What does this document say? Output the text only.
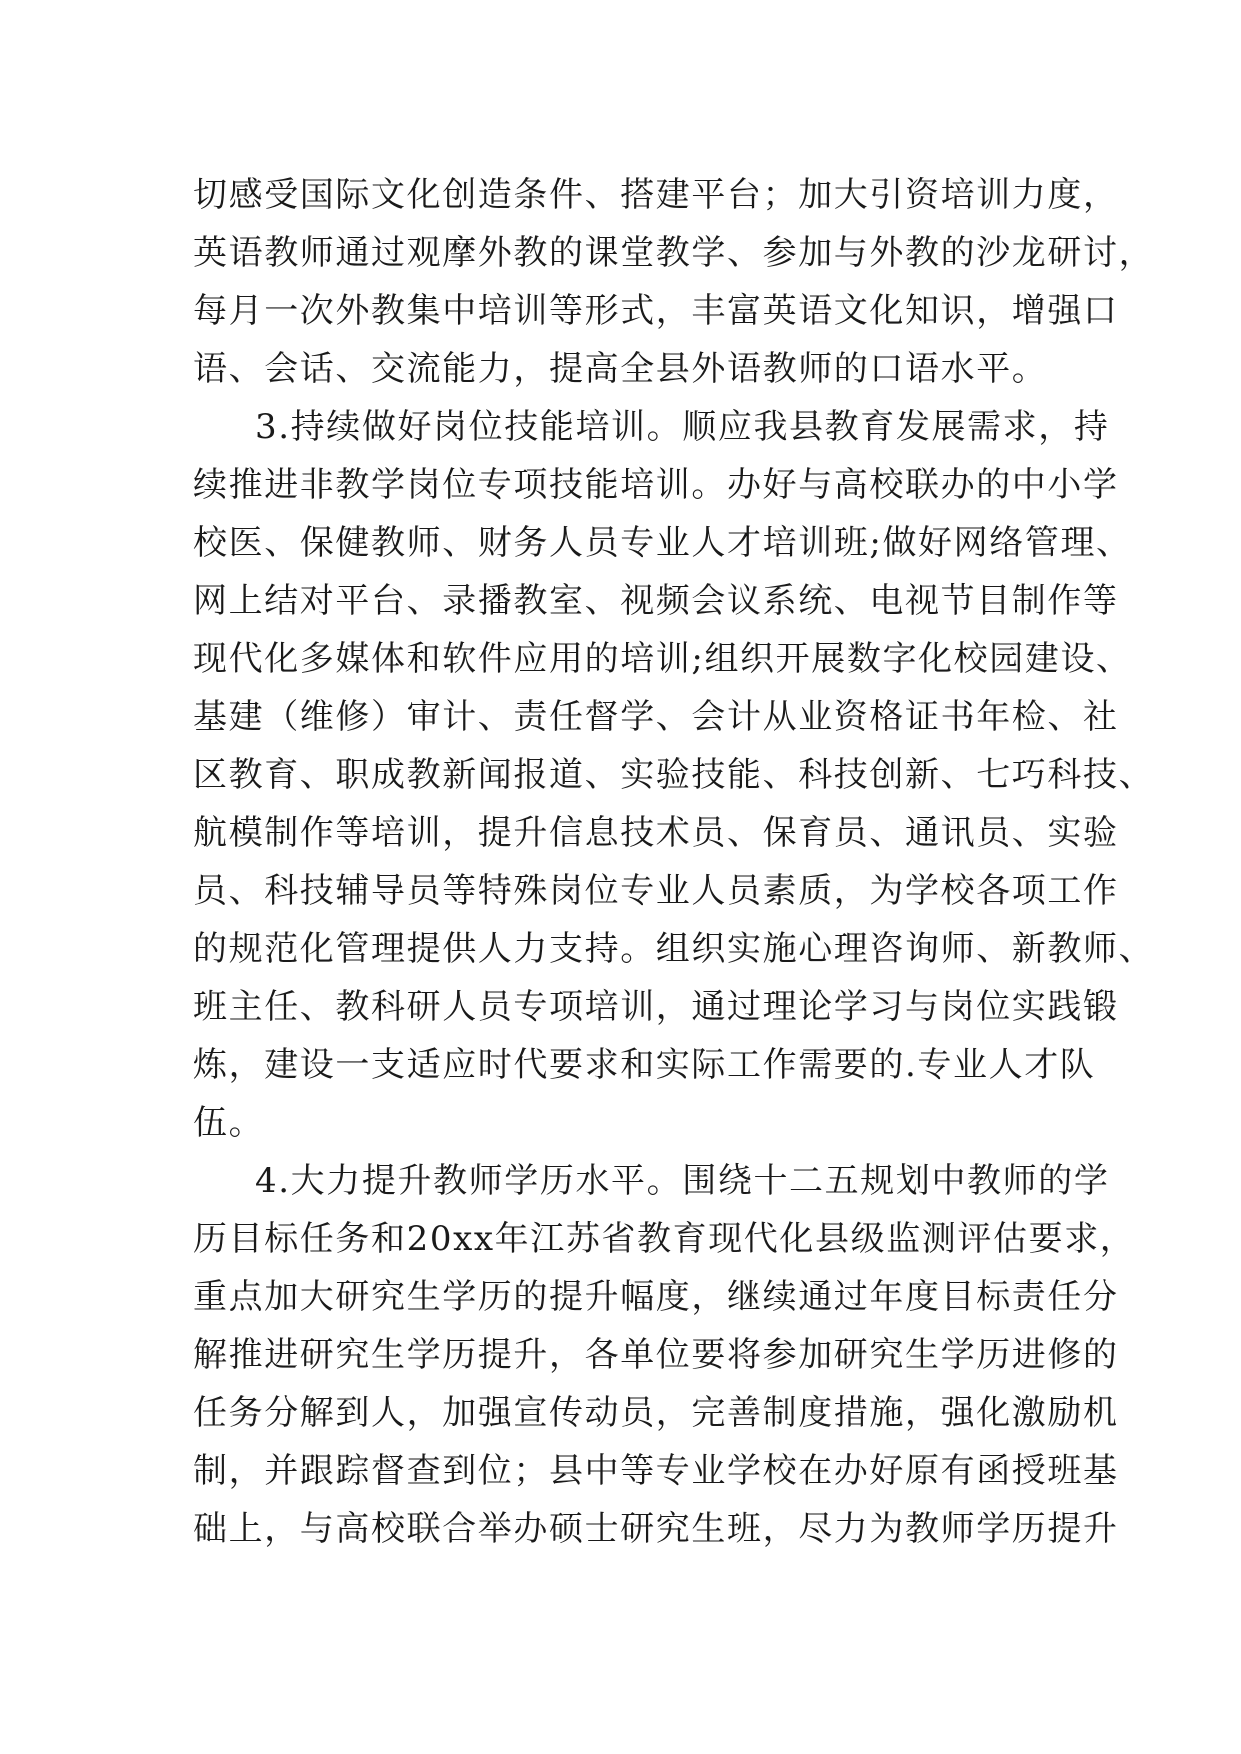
切感受国际文化创造条件、搭建平台；加大引资培训力度，
英语教师通过观摩外教的课堂教学、参加与外教的沙龙研讨，
每月一次外教集中培训等形式，丰富英语文化知识，增强口
语、会话、交流能力，提高全县外语教师的口语水平。
3.持续做好岗位技能培训。顺应我县教育发展需求，持
续推进非教学岗位专项技能培训。办好与高校联办的中小学
校医、保健教师、财务人员专业人才培训班;做好网络管理、
网上结对平台、录播教室、视频会议系统、电视节目制作等
现代化多媒体和软件应用的培训;组织开展数字化校园建设、
基建（维修）审计、责任督学、会计从业资格证书年检、社
区教育、职成教新闻报道、实验技能、科技创新、七巧科技、
航模制作等培训，提升信息技术员、保育员、通讯员、实验
员、科技辅导员等特殊岗位专业人员素质，为学校各项工作
的规范化管理提供人力支持。组织实施心理咨询师、新教师、
班主任、教科研人员专项培训，通过理论学习与岗位实践锻
炼，建设一支适应时代要求和实际工作需要的.专业人才队
伍。
4.大力提升教师学历水平。围绕十二五规划中教师的学
历目标任务和20xx年江苏省教育现代化县级监测评估要求，
重点加大研究生学历的提升幅度，继续通过年度目标责任分
解推进研究生学历提升，各单位要将参加研究生学历进修的
任务分解到人，加强宣传动员，完善制度措施，强化激励机
制，并跟踪督查到位；县中等专业学校在办好原有函授班基
础上，与高校联合举办硕士研究生班，尽力为教师学历提升
